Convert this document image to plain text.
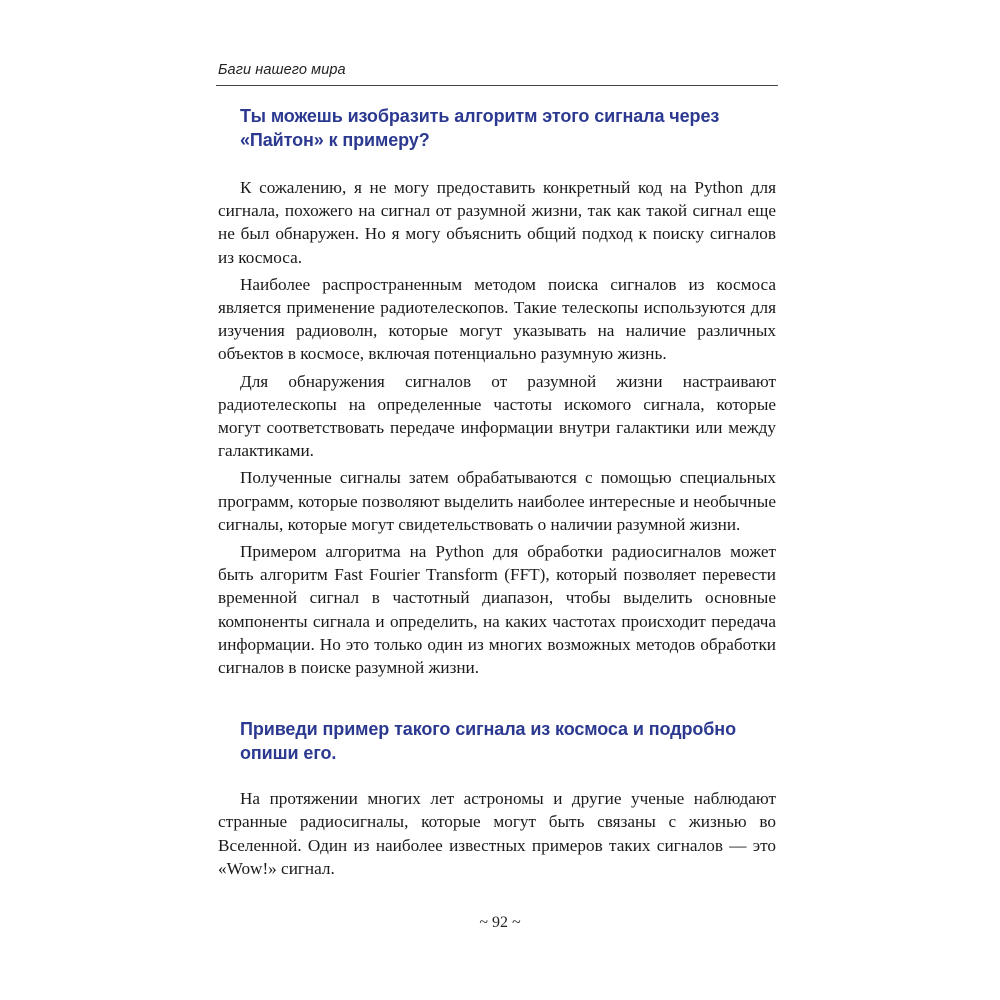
Баги нашего мира
Ты можешь изобразить алгоритм этого сигнала через «Пайтон» к примеру?

К сожалению, я не могу предоставить конкретный код на Python для сигнала, похожего на сигнал от разумной жизни, так как такой сигнал еще не был обнаружен. Но я могу объяснить общий подход к поиску сигналов из космоса.

Наиболее распространенным методом поиска сигналов из космоса является применение радиотелескопов. Такие телескопы используются для изучения радиоволн, которые могут указывать на наличие различных объектов в космосе, включая потенциально разумную жизнь.

Для обнаружения сигналов от разумной жизни настраивают радиотелескопы на определенные частоты искомого сигнала, которые могут соответствовать передаче информации внутри галактики или между галактиками.

Полученные сигналы затем обрабатываются с помощью специальных программ, которые позволяют выделить наиболее интересные и необычные сигналы, которые могут свидетельствовать о наличии разумной жизни.

Примером алгоритма на Python для обработки радиосигналов может быть алгоритм Fast Fourier Transform (FFT), который позволяет перевести временной сигнал в частотный диапазон, чтобы выделить основные компоненты сигнала и определить, на каких частотах происходит передача информации. Но это только один из многих возможных методов обработки сигналов в поиске разумной жизни.

Приведи пример такого сигнала из космоса и подробно опиши его.

На протяжении многих лет астрономы и другие ученые наблюдают странные радиосигналы, которые могут быть связаны с жизнью во Вселенной. Один из наиболее известных примеров таких сигналов — это «Wow!» сигнал.

~ 92 ~
